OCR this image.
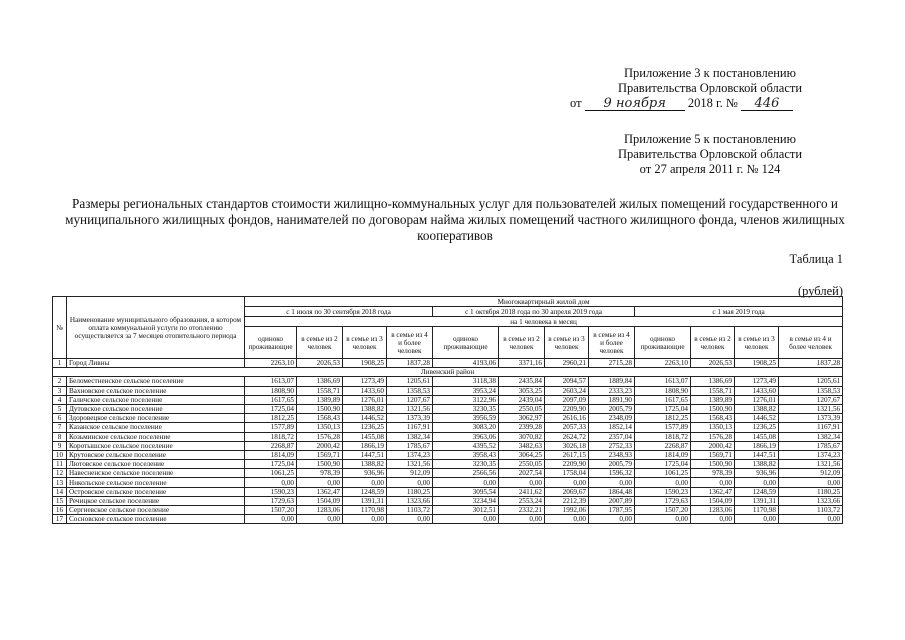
Приложение 3 к постановлению
Правительства Орловской области
от 9 ноября 2018 г. № 446
Приложение 5 к постановлению
Правительства Орловской области
от 27 апреля 2011 г. № 124
Размеры региональных стандартов стоимости жилищно-коммунальных услуг для пользователей жилых помещений государственного и муниципального жилищных фондов, нанимателей по договорам найма жилых помещений частного жилищного фонда, членов жилищных кооперативов
Таблица 1
(рублей)
№	Наименование муниципального образования, в котором оплата коммунальной услуги по отоплению осуществляется за 7 месяцев отопительного периода	Многоквартирный жилой дом											
		с 1 июля по 30 сентября 2018 года				с 1 октября 2018 года по 30 апреля 2019 года				с 1 мая 2019 года			
		на 1 человека в месяц											
		одиноко проживающие	в семье из 2 человек	в семье из 3 человек	в семье из 4 и более человек	одиноко проживающие	в семье из 2 человек	в семье из 3 человек	в семье из 4 и более человек	одиноко проживающие	в семье из 2 человек	в семье из 3 человек	в семье из 4 и более человек
1	Город Ливны	2263,10	2026,53	1908,25	1837,28	4193,06	3371,16	2960,21	2715,28	2263,10	2026,53	1908,25	1837,28
Ливенский район													
2	Беломестненское сельское поселение	1613,07	1386,69	1273,49	1205,61	3118,38	2435,84	2094,57	1889,84	1613,07	1386,69	1273,49	1205,61
3	Вахновское сельское поселение	1808,90	1558,71	1433,60	1358,53	3953,24	3053,25	2603,24	2333,23	1808,90	1558,71	1433,60	1358,53
4	Галичское сельское поселение	1617,65	1389,89	1276,01	1207,67	3122,96	2439,04	2097,09	1891,90	1617,65	1389,89	1276,01	1207,67
5	Дутовское сельское поселение	1725,04	1500,90	1388,82	1321,56	3230,35	2550,05	2209,90	2005,79	1725,04	1500,90	1388,82	1321,56
6	Здоровецкое сельское поселение	1812,25	1568,43	1446,52	1373,39	3956,59	3062,97	2616,16	2348,09	1812,25	1568,43	1446,52	1373,39
7	Казанское сельское поселение	1577,89	1350,13	1236,25	1167,91	3083,20	2399,28	2057,33	1852,14	1577,89	1350,13	1236,25	1167,91
8	Козьминское сельское поселение	1818,72	1576,28	1455,08	1382,34	3963,06	3070,82	2624,72	2357,04	1818,72	1576,28	1455,08	1382,34
9	Коротышское сельское поселение	2268,87	2000,42	1866,19	1785,67	4395,52	3482,63	3026,18	2752,33	2268,87	2000,42	1866,19	1785,67
10	Крутовское сельское поселение	1814,09	1569,71	1447,51	1374,23	3958,43	3064,25	2617,15	2348,93	1814,09	1569,71	1447,51	1374,23
11	Лютовское сельское поселение	1725,04	1500,90	1388,82	1321,56	3230,35	2550,05	2209,90	2005,79	1725,04	1500,90	1388,82	1321,56
12	Навесненское сельское поселение	1061,25	978,39	936,96	912,09	2566,56	2027,54	1758,04	1596,32	1061,25	978,39	936,96	912,09
13	Никольское сельское поселение	0,00	0,00	0,00	0,00	0,00	0,00	0,00	0,00	0,00	0,00	0,00	0,00
14	Островское сельское поселение	1590,23	1362,47	1248,59	1180,25	3095,54	2411,62	2069,67	1864,48	1590,23	1362,47	1248,59	1180,25
15	Речицкое сельское поселение	1729,63	1504,09	1391,31	1323,66	3234,94	2553,24	2212,39	2007,89	1729,63	1504,09	1391,31	1323,66
16	Сергиевское сельское поселение	1507,20	1283,06	1170,98	1103,72	3012,51	2332,21	1992,06	1787,95	1507,20	1283,06	1170,98	1103,72
17	Сосновское сельское поселение	0,00	0,00	0,00	0,00	0,00	0,00	0,00	0,00	0,00	0,00	0,00	0,00
